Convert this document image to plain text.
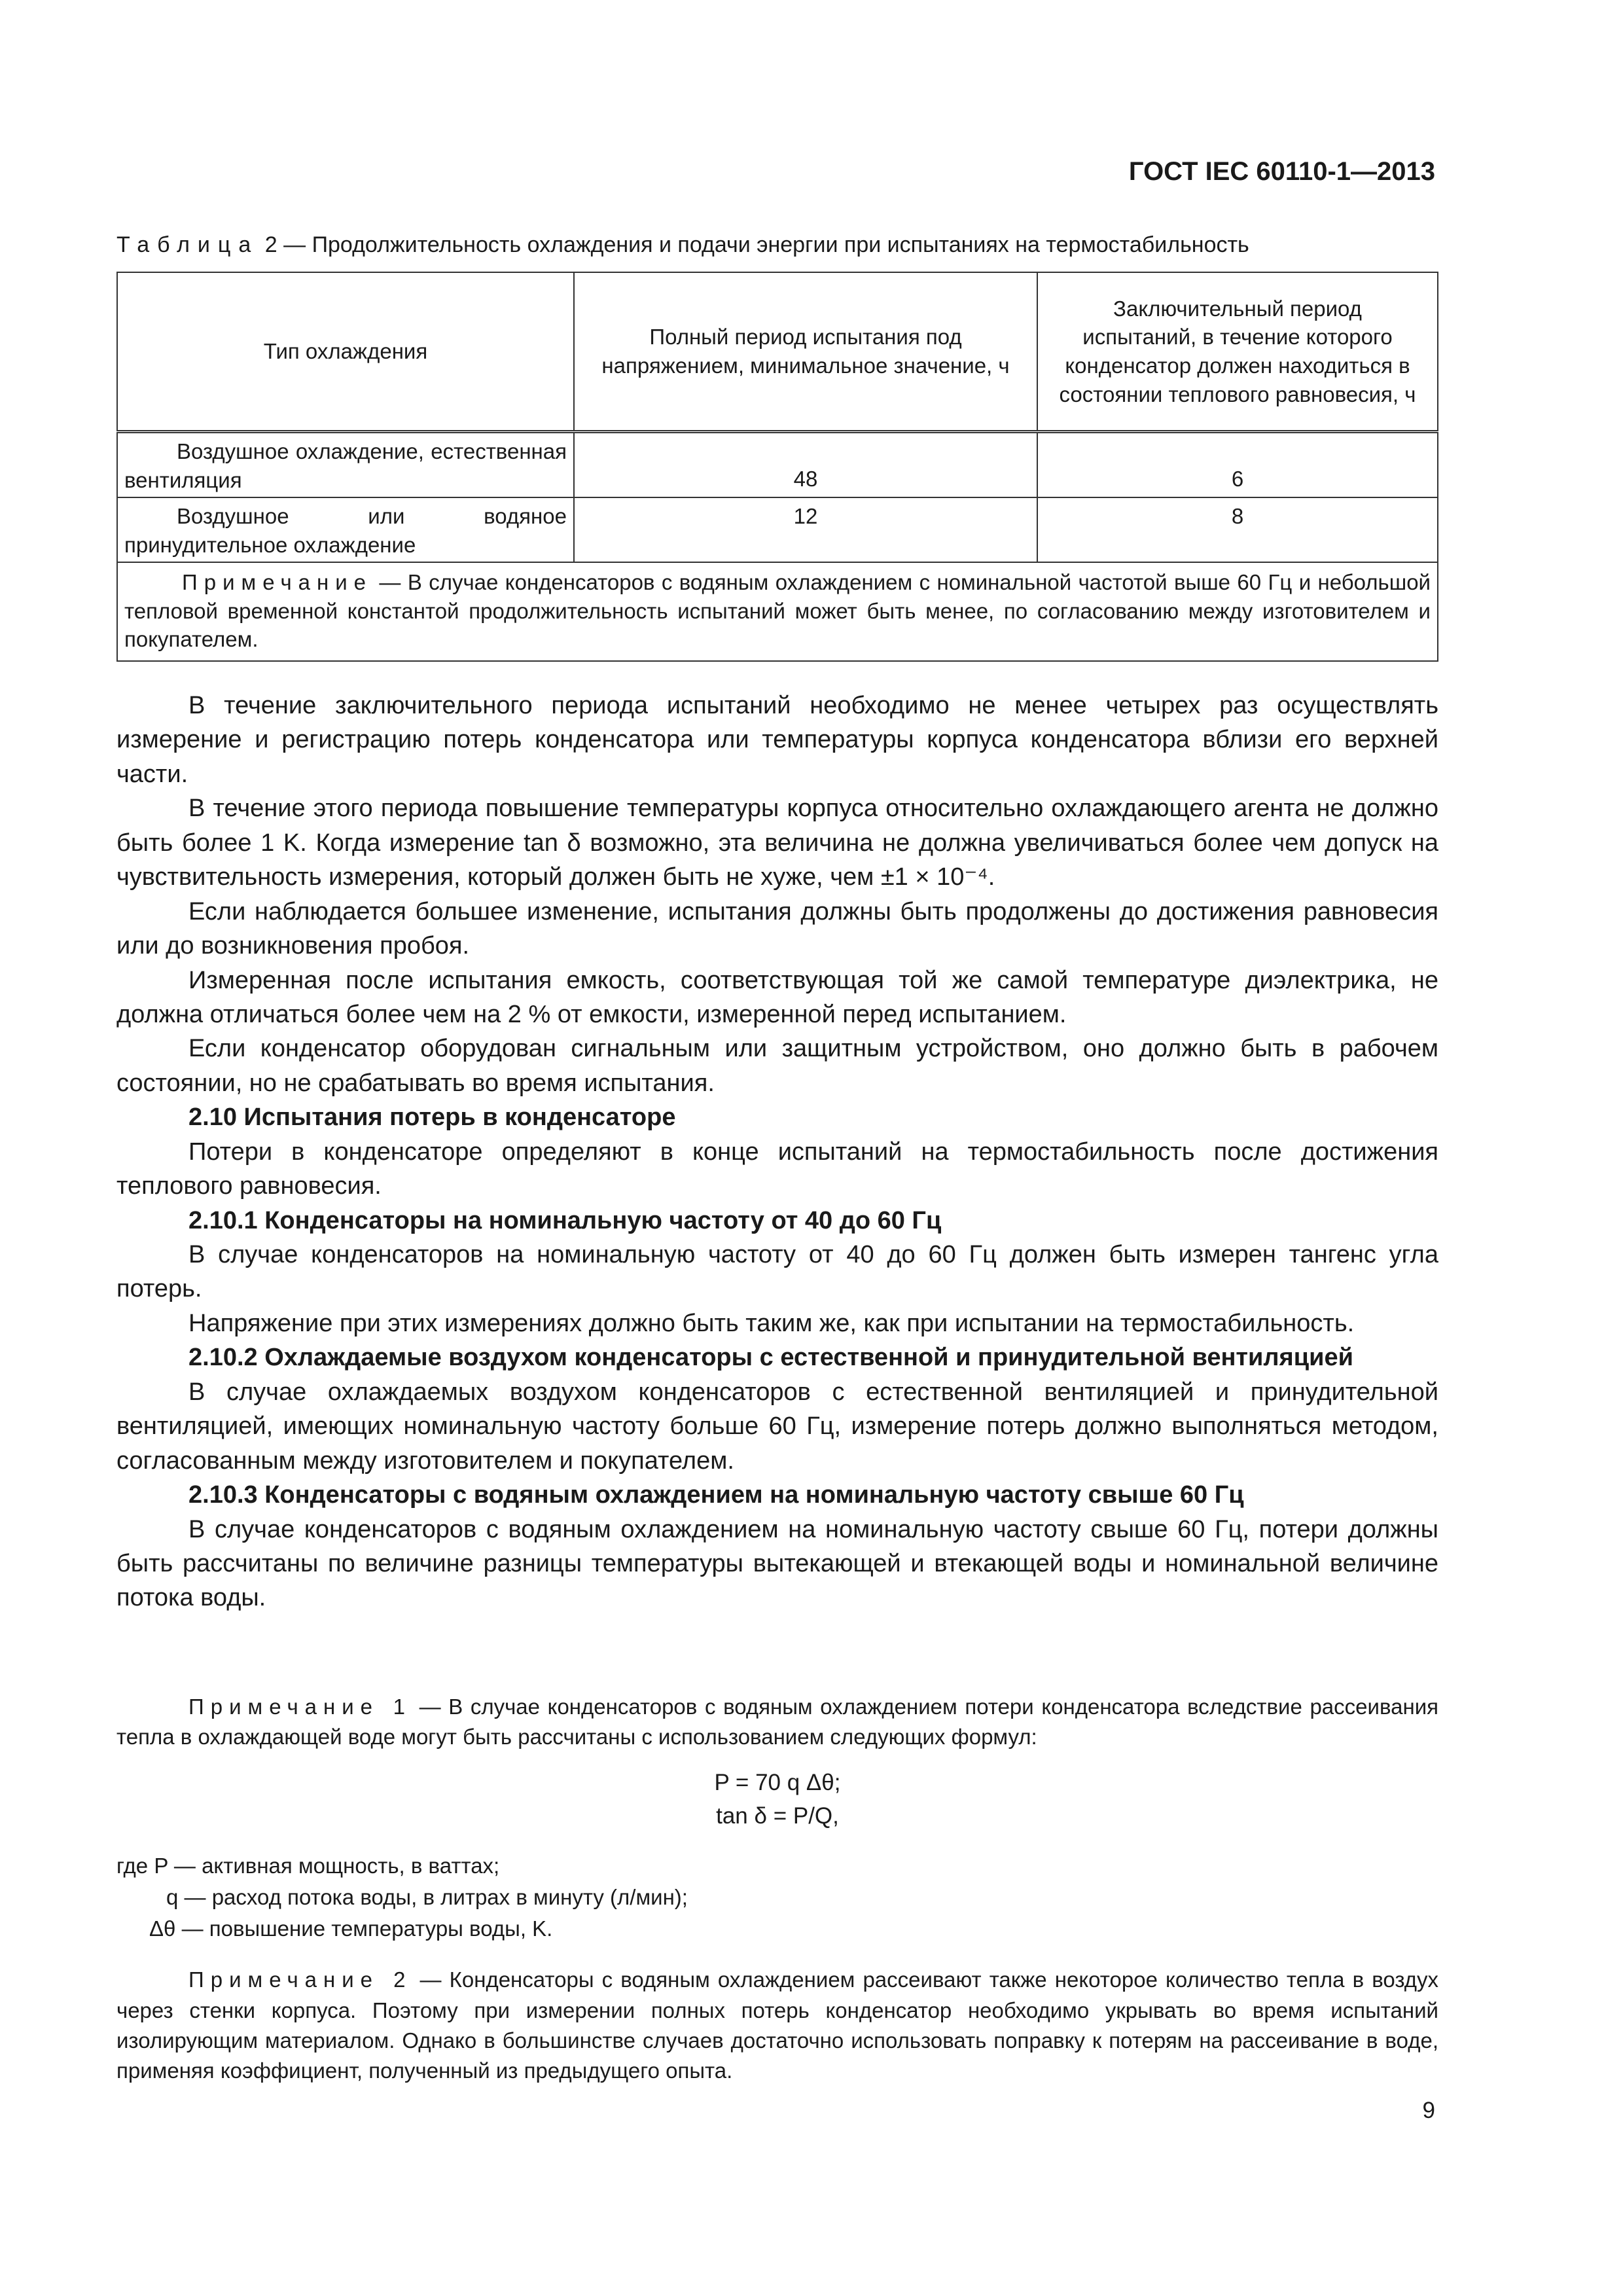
ГОСТ IEC 60110-1—2013
Таблица 2 — Продолжительность охлаждения и подачи энергии при испытаниях на термостабильность
Тип охлаждения	Полный период испытания под напряжением, минимальное значение, ч	Заключительный период испытаний, в течение которого конденсатор должен находиться в состоянии теплового равновесия, ч
Воздушное охлаждение, естественная вентиляция	48	6
Воздушное или водяное принудительное охлаждение	12	8
Примечание — В случае конденсаторов с водяным охлаждением с номинальной частотой выше 60 Гц и небольшой тепловой временной константой продолжительность испытаний может быть менее, по согласованию между изготовителем и покупателем.		

В течение заключительного периода испытаний необходимо не менее четырех раз осуществлять измерение и регистрацию потерь конденсатора или температуры корпуса конденсатора вблизи его верхней части.

В течение этого периода повышение температуры корпуса относительно охлаждающего агента не должно быть более 1 K. Когда измерение tan δ возможно, эта величина не должна увеличиваться более чем допуск на чувствительность измерения, который должен быть не хуже, чем ±1 × 10⁻⁴.

Если наблюдается большее изменение, испытания должны быть продолжены до достижения равновесия или до возникновения пробоя.

Измеренная после испытания емкость, соответствующая той же самой температуре диэлектрика, не должна отличаться более чем на 2 % от емкости, измеренной перед испытанием.

Если конденсатор оборудован сигнальным или защитным устройством, оно должно быть в рабочем состоянии, но не срабатывать во время испытания.

2.10 Испытания потерь в конденсаторе

Потери в конденсаторе определяют в конце испытаний на термостабильность после достижения теплового равновесия.

2.10.1 Конденсаторы на номинальную частоту от 40 до 60 Гц

В случае конденсаторов на номинальную частоту от 40 до 60 Гц должен быть измерен тангенс угла потерь.

Напряжение при этих измерениях должно быть таким же, как при испытании на термостабильность.

2.10.2 Охлаждаемые воздухом конденсаторы с естественной и принудительной вентиляцией

В случае охлаждаемых воздухом конденсаторов с естественной вентиляцией и принудительной вентиляцией, имеющих номинальную частоту больше 60 Гц, измерение потерь должно выполняться методом, согласованным между изготовителем и покупателем.

2.10.3 Конденсаторы с водяным охлаждением на номинальную частоту свыше 60 Гц

В случае конденсаторов с водяным охлаждением на номинальную частоту свыше 60 Гц, потери должны быть рассчитаны по величине разницы температуры вытекающей и втекающей воды и номинальной величине потока воды.

Примечание 1 — В случае конденсаторов с водяным охлаждением потери конденсатора вследствие рассеивания тепла в охлаждающей воде могут быть рассчитаны с использованием следующих формул:

P = 70 q Δθ;
tan δ = P/Q,
где P — активная мощность, в ваттах;
q — расход потока воды, в литрах в минуту (л/мин);
Δθ — повышение температуры воды, K.

Примечание 2 — Конденсаторы с водяным охлаждением рассеивают также некоторое количество тепла в воздух через стенки корпуса. Поэтому при измерении полных потерь конденсатор необходимо укрывать во время испытаний изолирующим материалом. Однако в большинстве случаев достаточно использовать поправку к потерям на рассеивание в воде, применяя коэффициент, полученный из предыдущего опыта.

9
